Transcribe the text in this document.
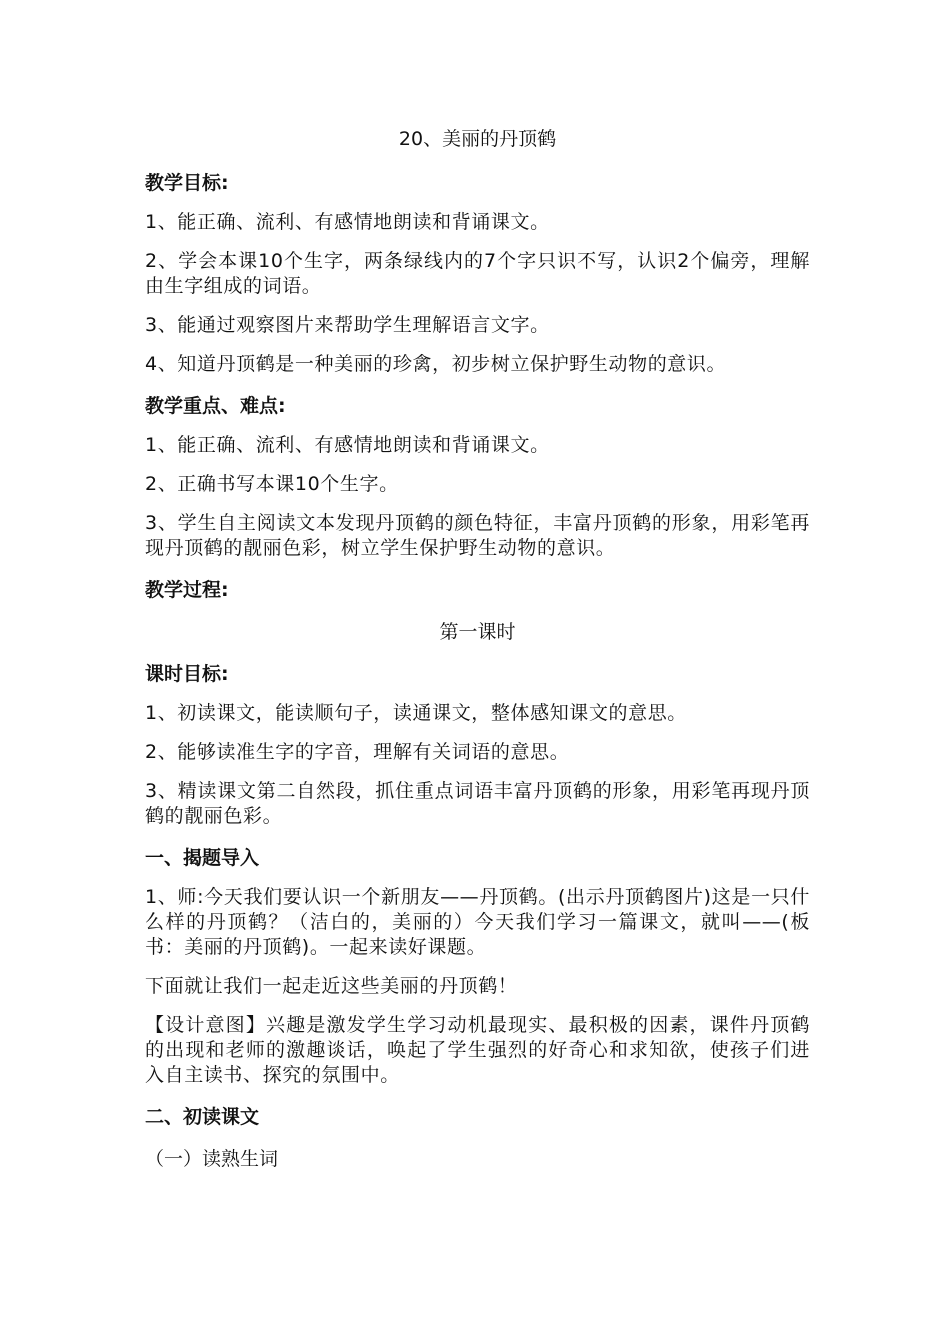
20、美丽的丹顶鹤
教学目标:
1、能正确、流利、有感情地朗读和背诵课文。
2、学会本课10个生字，两条绿线内的7个字只识不写，认识2个偏旁，理解由生字组成的词语。
3、能通过观察图片来帮助学生理解语言文字。
4、知道丹顶鹤是一种美丽的珍禽，初步树立保护野生动物的意识。
教学重点、难点:
1、能正确、流利、有感情地朗读和背诵课文。
2、正确书写本课10个生字。
3、学生自主阅读文本发现丹顶鹤的颜色特征，丰富丹顶鹤的形象，用彩笔再现丹顶鹤的靓丽色彩，树立学生保护野生动物的意识。
教学过程:
第一课时
课时目标:
1、初读课文，能读顺句子，读通课文，整体感知课文的意思。
2、能够读准生字的字音，理解有关词语的意思。
3、精读课文第二自然段，抓住重点词语丰富丹顶鹤的形象，用彩笔再现丹顶鹤的靓丽色彩。
一、揭题导入
1、师:今天我们要认识一个新朋友——丹顶鹤。(出示丹顶鹤图片)这是一只什么样的丹顶鹤？（洁白的，美丽的）今天我们学习一篇课文，就叫——(板书：美丽的丹顶鹤)。一起来读好课题。
下面就让我们一起走近这些美丽的丹顶鹤！
【设计意图】兴趣是激发学生学习动机最现实、最积极的因素，课件丹顶鹤的出现和老师的激趣谈话，唤起了学生强烈的好奇心和求知欲，使孩子们进入自主读书、探究的氛围中。
二、初读课文
（一）读熟生词
